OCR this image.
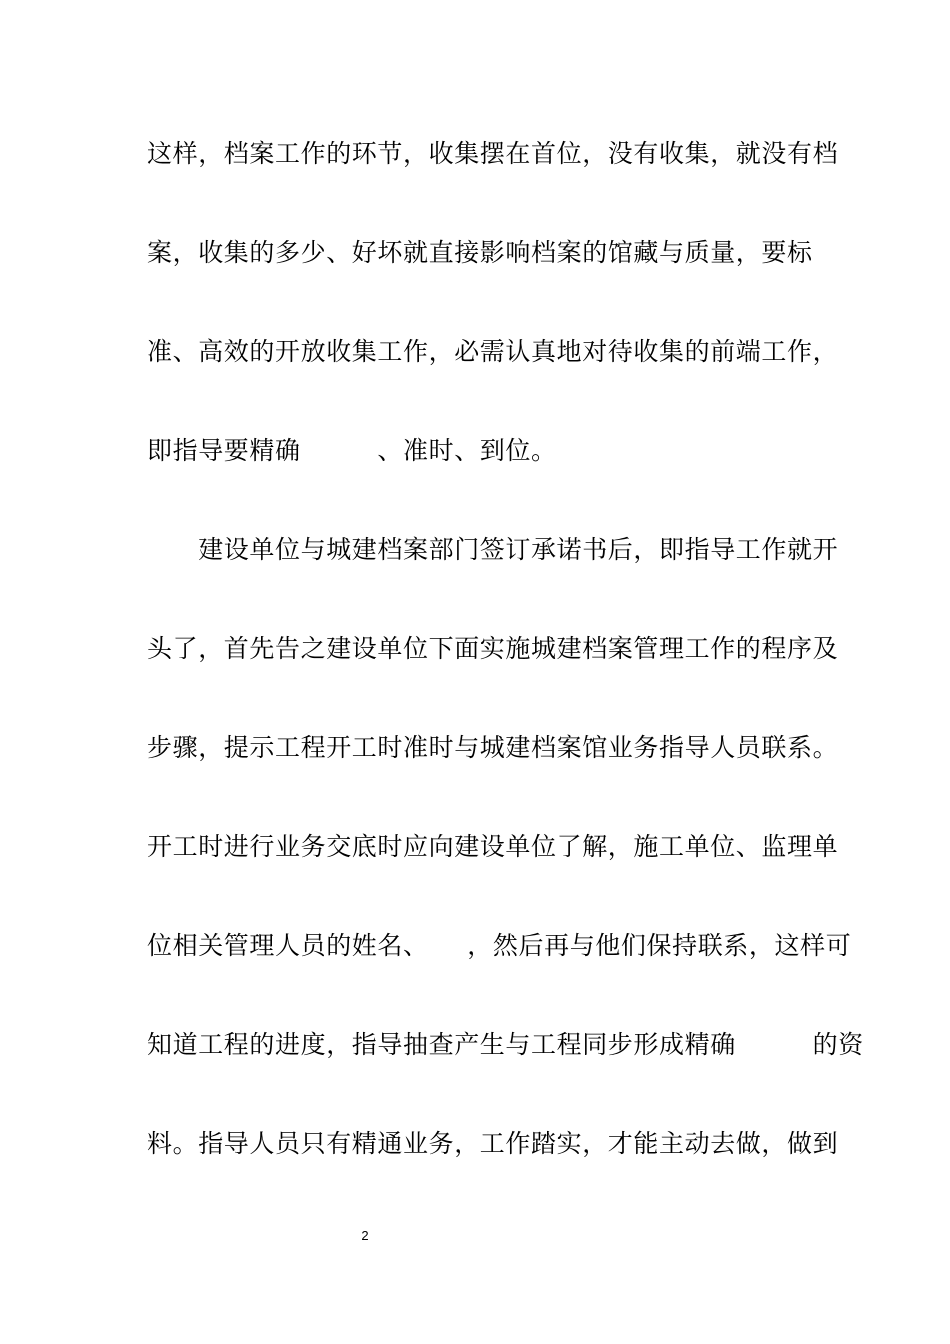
这样，档案工作的环节，收集摆在首位，没有收集，就没有档
案，收集的多少、好坏就直接影响档案的馆藏与质量，要标
准、高效的开放收集工作，必需认真地对待收集的前端工作，
即指导要精确　　　、准时、到位。
　　建设单位与城建档案部门签订承诺书后，即指导工作就开
头了，首先告之建设单位下面实施城建档案管理工作的程序及
步骤，提示工程开工时准时与城建档案馆业务指导人员联系。
开工时进行业务交底时应向建设单位了解，施工单位、监理单
位相关管理人员的姓名、　　，然后再与他们保持联系，这样可
知道工程的进度，指导抽查产生与工程同步形成精确　　　的资
料。指导人员只有精通业务，工作踏实，才能主动去做，做到
2
